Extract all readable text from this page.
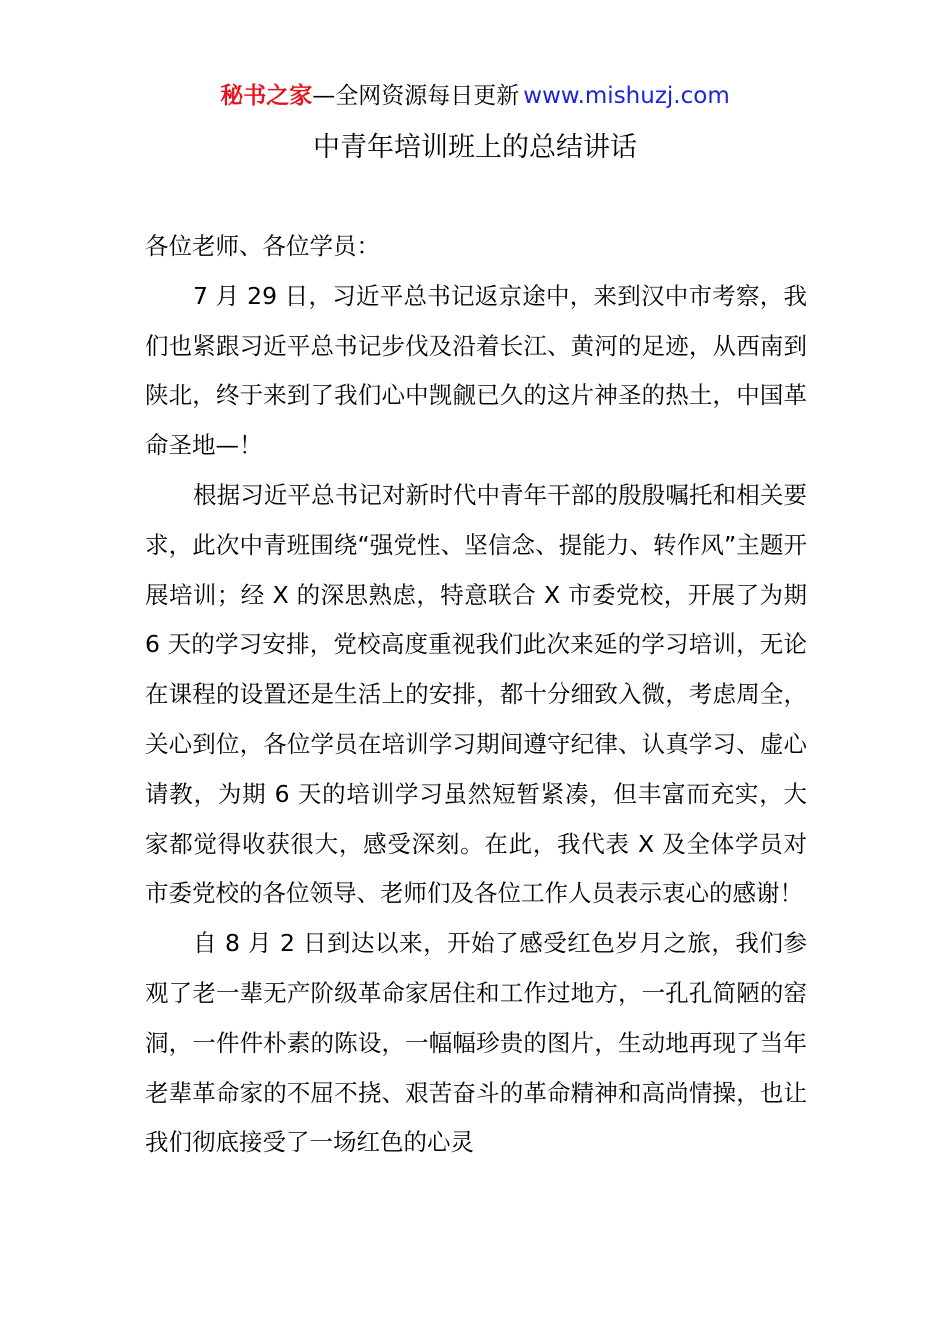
秘书之家—全网资源每日更新 www.mishuzj.com
中青年培训班上的总结讲话

各位老师、各位学员：

7 月 29 日，习近平总书记返京途中，来到汉中市考察，我们也紧跟习近平总书记步伐及沿着长江、黄河的足迹，从西南到陕北，终于来到了我们心中觊觎已久的这片神圣的热土，中国革命圣地—！

根据习近平总书记对新时代中青年干部的殷殷嘱托和相关要求，此次中青班围绕“强党性、坚信念、提能力、转作风”主题开展培训；经 X 的深思熟虑，特意联合 X 市委党校，开展了为期 6 天的学习安排，党校高度重视我们此次来延的学习培训，无论在课程的设置还是生活上的安排，都十分细致入微，考虑周全，关心到位，各位学员在培训学习期间遵守纪律、认真学习、虚心请教，为期 6 天的培训学习虽然短暂紧凑，但丰富而充实，大家都觉得收获很大，感受深刻。在此，我代表 X 及全体学员对市委党校的各位领导、老师们及各位工作人员表示衷心的感谢！

自 8 月 2 日到达以来，开始了感受红色岁月之旅，我们参观了老一辈无产阶级革命家居住和工作过地方，一孔孔简陋的窑洞，一件件朴素的陈设，一幅幅珍贵的图片，生动地再现了当年老辈革命家的不屈不挠、艰苦奋斗的革命精神和高尚情操，也让我们彻底接受了一场红色的心灵
